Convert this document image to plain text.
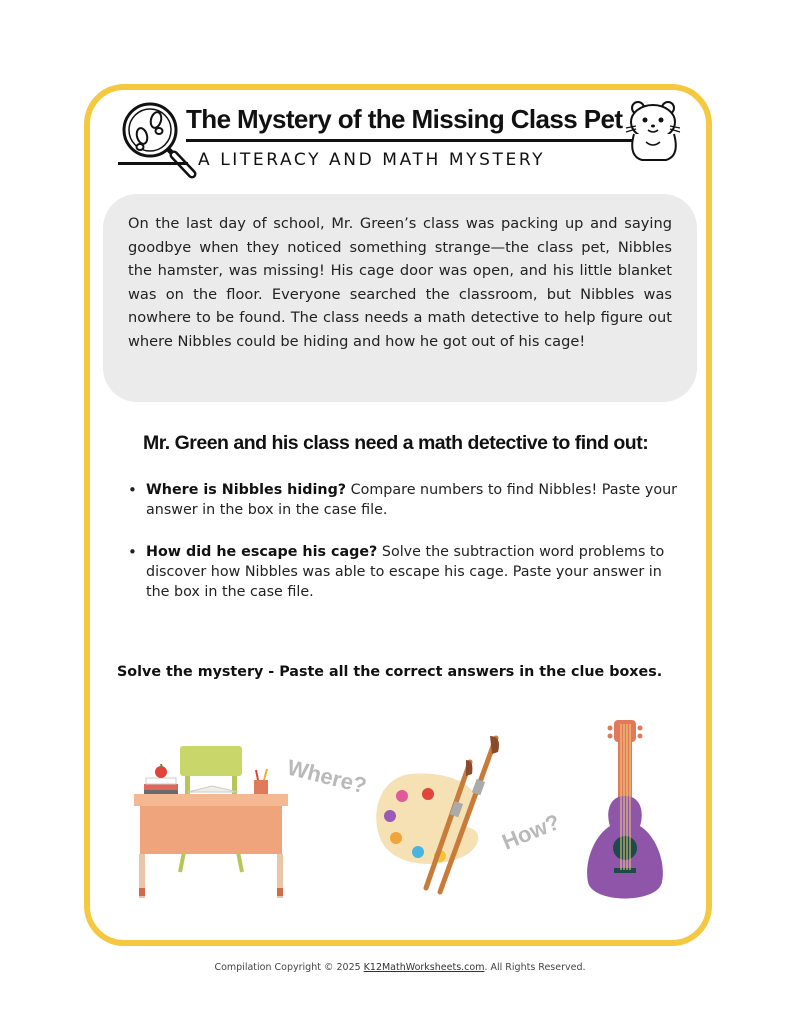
The Mystery of the Missing Class Pet
A LITERACY AND MATH MYSTERY
On the last day of school, Mr. Green’s class was packing up and saying goodbye when they noticed something strange—the class pet, Nibbles the hamster, was missing! His cage door was open, and his little blanket was on the floor. Everyone searched the classroom, but Nibbles was nowhere to be found. The class needs a math detective to help figure out where Nibbles could be hiding and how he got out of his cage!
Mr. Green and his class need a math detective to find out:
• Where is Nibbles hiding? Compare numbers to find Nibbles! Paste your answer in the box in the case file.
• How did he escape his cage? Solve the subtraction word problems to discover how Nibbles was able to escape his cage. Paste your answer in the box in the case file.
Solve the mystery - Paste all the correct answers in the clue boxes.
Where?
How?
Compilation Copyright © 2025 K12MathWorksheets.com. All Rights Reserved.
